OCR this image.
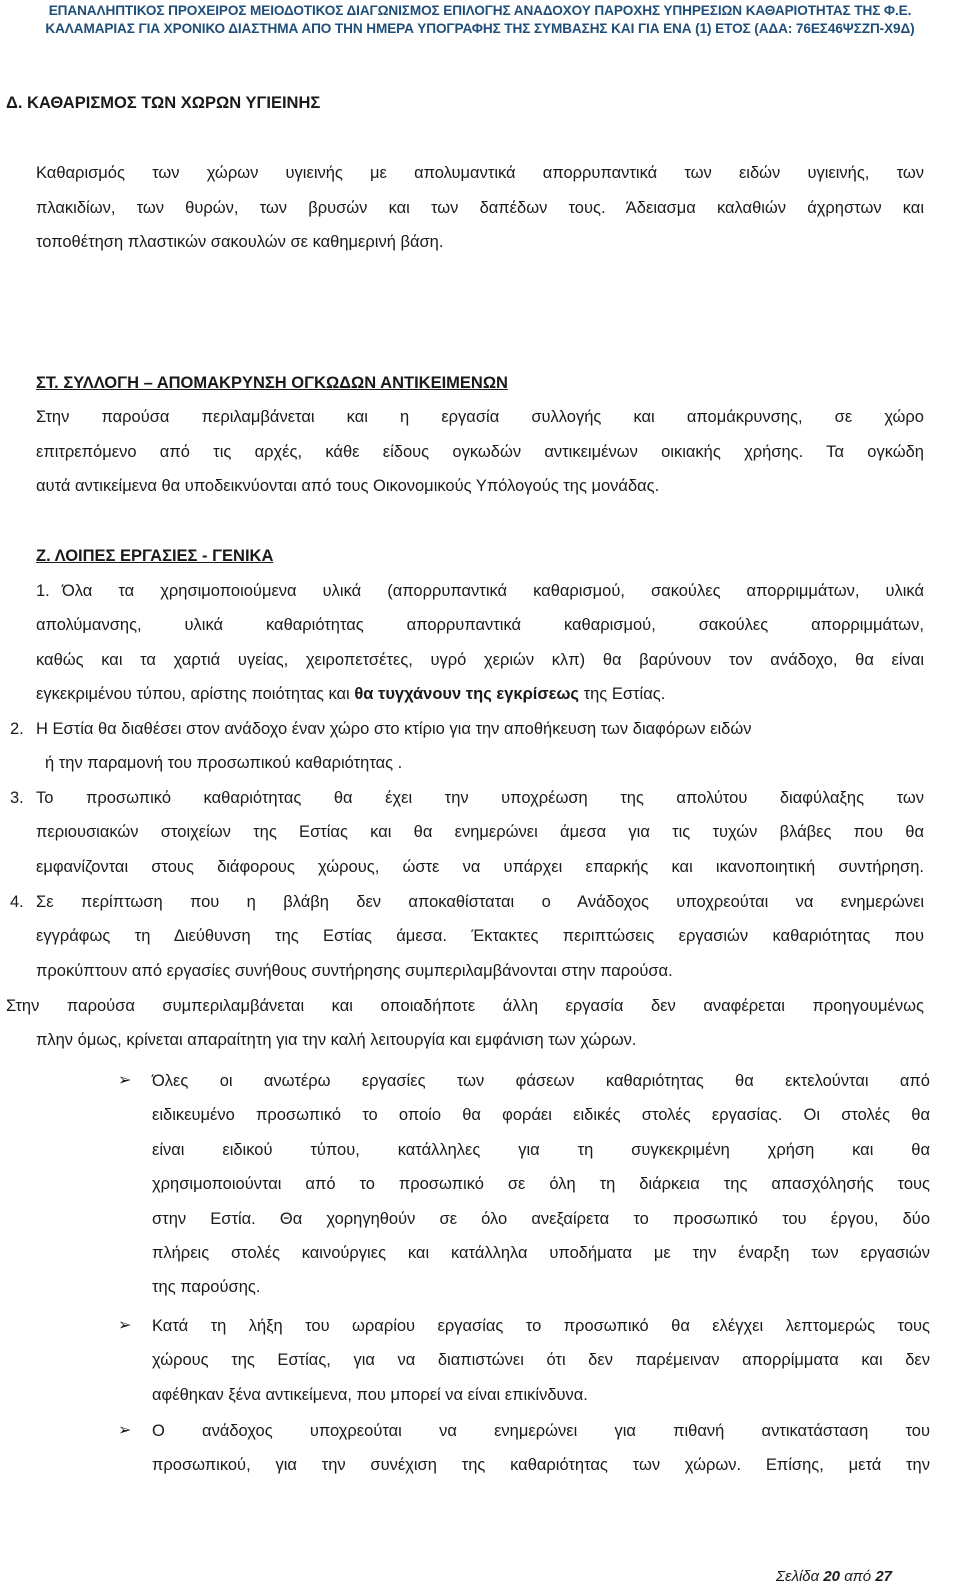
ΕΠΑΝΑΛΗΠΤΙΚΟΣ ΠΡΟΧΕΙΡΟΣ ΜΕΙΟΔΟΤΙΚΟΣ ΔΙΑΓΩΝΙΣΜΟΣ ΕΠΙΛΟΓΗΣ ΑΝΑΔΟΧΟΥ ΠΑΡΟΧΗΣ ΥΠΗΡΕΣΙΩΝ ΚΑΘΑΡΙΟΤΗΤΑΣ ΤΗΣ Φ.Ε.
ΚΑΛΑΜΑΡΙΑΣ ΓΙΑ ΧΡΟΝΙΚΟ ΔΙΑΣΤΗΜΑ ΑΠΟ ΤΗΝ ΗΜΕΡΑ ΥΠΟΓΡΑΦΗΣ ΤΗΣ ΣΥΜΒΑΣΗΣ ΚΑΙ ΓΙΑ ΕΝΑ (1) ΕΤΟΣ (ΑΔΑ: 76ΕΣ46ΨΣΖΠ-Χ9Δ)
Δ. ΚΑΘΑΡΙΣΜΟΣ ΤΩΝ ΧΩΡΩΝ ΥΓΙΕΙΝΗΣ
Καθαρισμός των χώρων υγιεινής με απολυμαντικά απορρυπαντικά των ειδών υγιεινής, των
πλακιδίων, των θυρών, των βρυσών και των δαπέδων τους. Άδειασμα καλαθιών άχρηστων και
τοποθέτηση πλαστικών σακουλών σε καθημερινή βάση.
ΣΤ. ΣΥΛΛΟΓΗ – ΑΠΟΜΑΚΡΥΝΣΗ ΟΓΚΩΔΩΝ ΑΝΤΙΚΕΙΜΕΝΩΝ
Στην παρούσα περιλαμβάνεται και η εργασία συλλογής και απομάκρυνσης, σε χώρο
επιτρεπόμενο από τις αρχές, κάθε είδους ογκωδών αντικειμένων οικιακής χρήσης. Τα ογκώδη
αυτά αντικείμενα θα υποδεικνύονται από τους Οικονομικούς Υπόλογούς της μονάδας.
Ζ. ΛΟΙΠΕΣ ΕΡΓΑΣΙΕΣ - ΓΕΝΙΚΑ
1. Όλα τα χρησιμοποιούμενα υλικά (απορρυπαντικά καθαρισμού, σακούλες απορριμμάτων, υλικά
απολύμανσης, υλικά καθαριότητας απορρυπαντικά καθαρισμού, σακούλες απορριμμάτων,
καθώς και τα χαρτιά υγείας, χειροπετσέτες, υγρό χεριών κλπ) θα βαρύνουν τον ανάδοχο, θα είναι
εγκεκριμένου τύπου, αρίστης ποιότητας και θα τυγχάνουν της εγκρίσεως της Εστίας.
2. Η Εστία θα διαθέσει στον ανάδοχο έναν χώρο στο κτίριο για την αποθήκευση των διαφόρων ειδών
ή την παραμονή του προσωπικού καθαριότητας .
3. Το προσωπικό καθαριότητας θα έχει την υποχρέωση της απολύτου διαφύλαξης των
περιουσιακών στοιχείων της Εστίας και θα ενημερώνει άμεσα για τις τυχών βλάβες που θα
εμφανίζονται στους διάφορους χώρους, ώστε να υπάρχει επαρκής και ικανοποιητική συντήρηση.
4. Σε περίπτωση που η βλάβη δεν αποκαθίσταται ο Ανάδοχος υποχρεούται να ενημερώνει
εγγράφως τη Διεύθυνση της Εστίας άμεσα. Έκτακτες περιπτώσεις εργασιών καθαριότητας που
προκύπτουν από εργασίες συνήθους συντήρησης συμπεριλαμβάνονται στην παρούσα.
Στην παρούσα συμπεριλαμβάνεται και οποιαδήποτε άλλη εργασία δεν αναφέρεται προηγουμένως
πλην όμως, κρίνεται απαραίτητη για την καλή λειτουργία και εμφάνιση των χώρων.
➢	Όλες οι ανωτέρω εργασίες των φάσεων καθαριότητας θα εκτελούνται από
ειδικευμένο προσωπικό το οποίο θα φοράει ειδικές στολές εργασίας. Οι στολές θα
είναι ειδικού τύπου, κατάλληλες για τη συγκεκριμένη χρήση και θα
χρησιμοποιούνται από το προσωπικό σε όλη τη διάρκεια της απασχόλησής τους
στην Εστία. Θα χορηγηθούν σε όλο ανεξαίρετα το προσωπικό του έργου, δύο
πλήρεις στολές καινούργιες και κατάλληλα υποδήματα με την έναρξη των εργασιών
της παρούσης.
➢	Κατά τη λήξη του ωραρίου εργασίας το προσωπικό θα ελέγχει λεπτομερώς τους
χώρους της Εστίας, για να διαπιστώνει ότι δεν παρέμειναν απορρίμματα και δεν
αφέθηκαν ξένα αντικείμενα, που μπορεί να είναι επικίνδυνα.
➢	Ο ανάδοχος υποχρεούται να ενημερώνει για πιθανή αντικατάσταση του
προσωπικού, για την συνέχιση της καθαριότητας των χώρων. Επίσης, μετά την
Σελίδα 20 από 27
